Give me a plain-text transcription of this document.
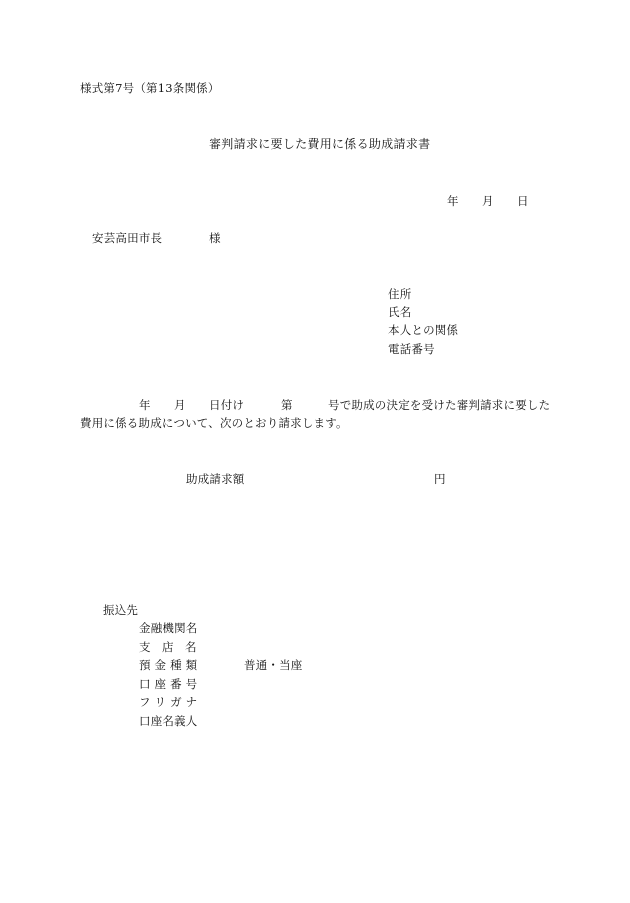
様式第7号（第13条関係）
審判請求に要した費用に係る助成請求書
年 月 日
安芸高田市長	様
住所
氏名
本人との関係
電話番号
年 月 日付け	第	号で助成の決定を受けた審判請求に要した
費用に係る助成について、次のとおり請求します。
助成請求額	円
振込先
金融機関名
支　店　名
預 金 種 類	普通・当座
口 座 番 号
フ リ ガ ナ
口座名義人
